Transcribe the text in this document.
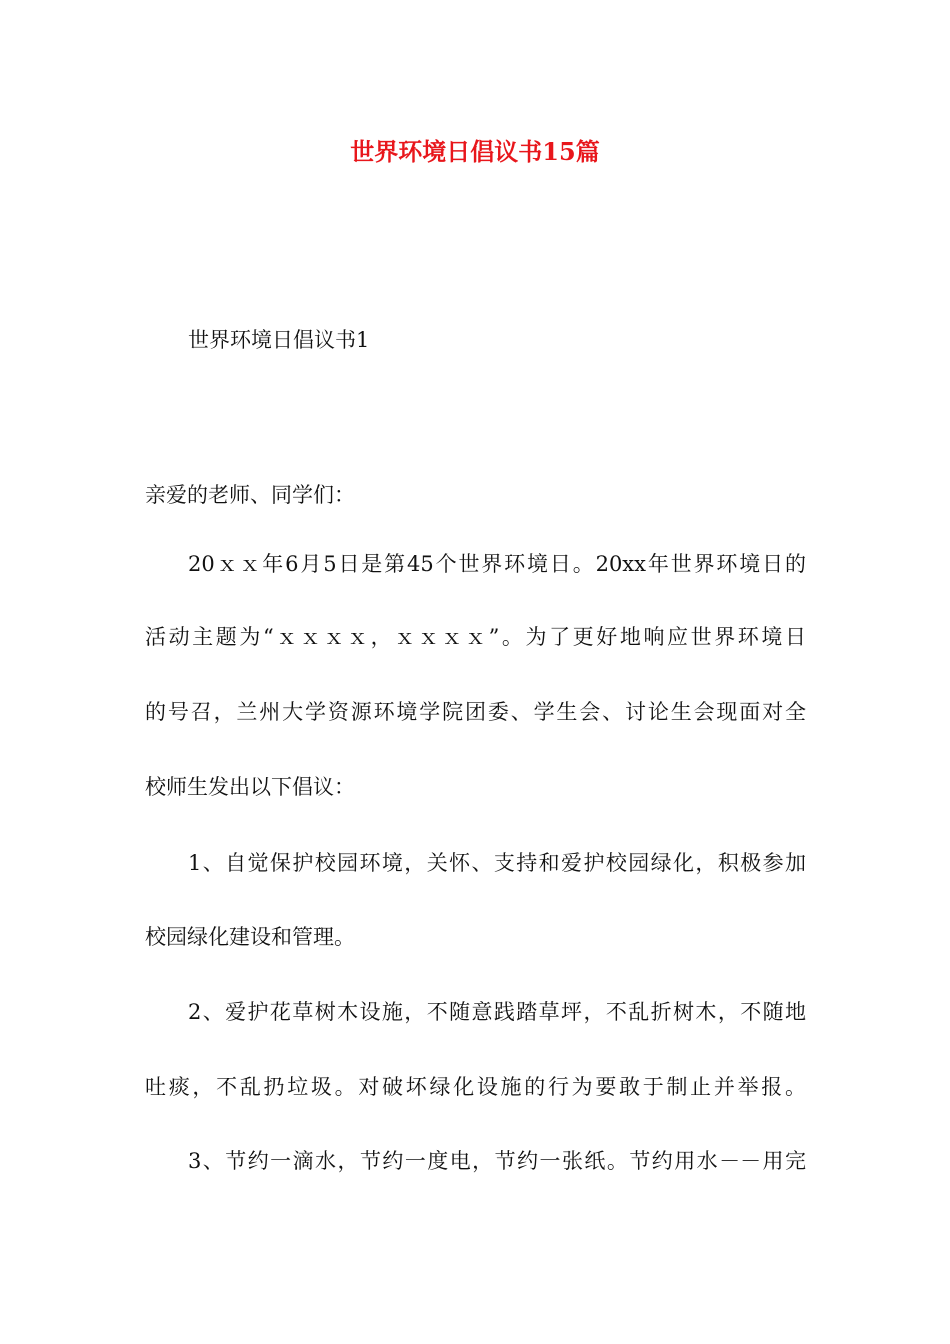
世界环境日倡议书15篇
世界环境日倡议书1
亲爱的老师、同学们：
20ｘｘ年6月5日是第45个世界环境日。20xx年世界环境日的
活动主题为“ｘｘｘｘ，ｘｘｘｘ”。为了更好地响应世界环境日
的号召，兰州大学资源环境学院团委、学生会、讨论生会现面对全
校师生发出以下倡议：
1、自觉保护校园环境，关怀、支持和爱护校园绿化，积极参加
校园绿化建设和管理。
2、爱护花草树木设施，不随意践踏草坪，不乱折树木，不随地
吐痰，不乱扔垃圾。对破坏绿化设施的行为要敢于制止并举报。
3、节约一滴水，节约一度电，节约一张纸。节约用水－－用完
